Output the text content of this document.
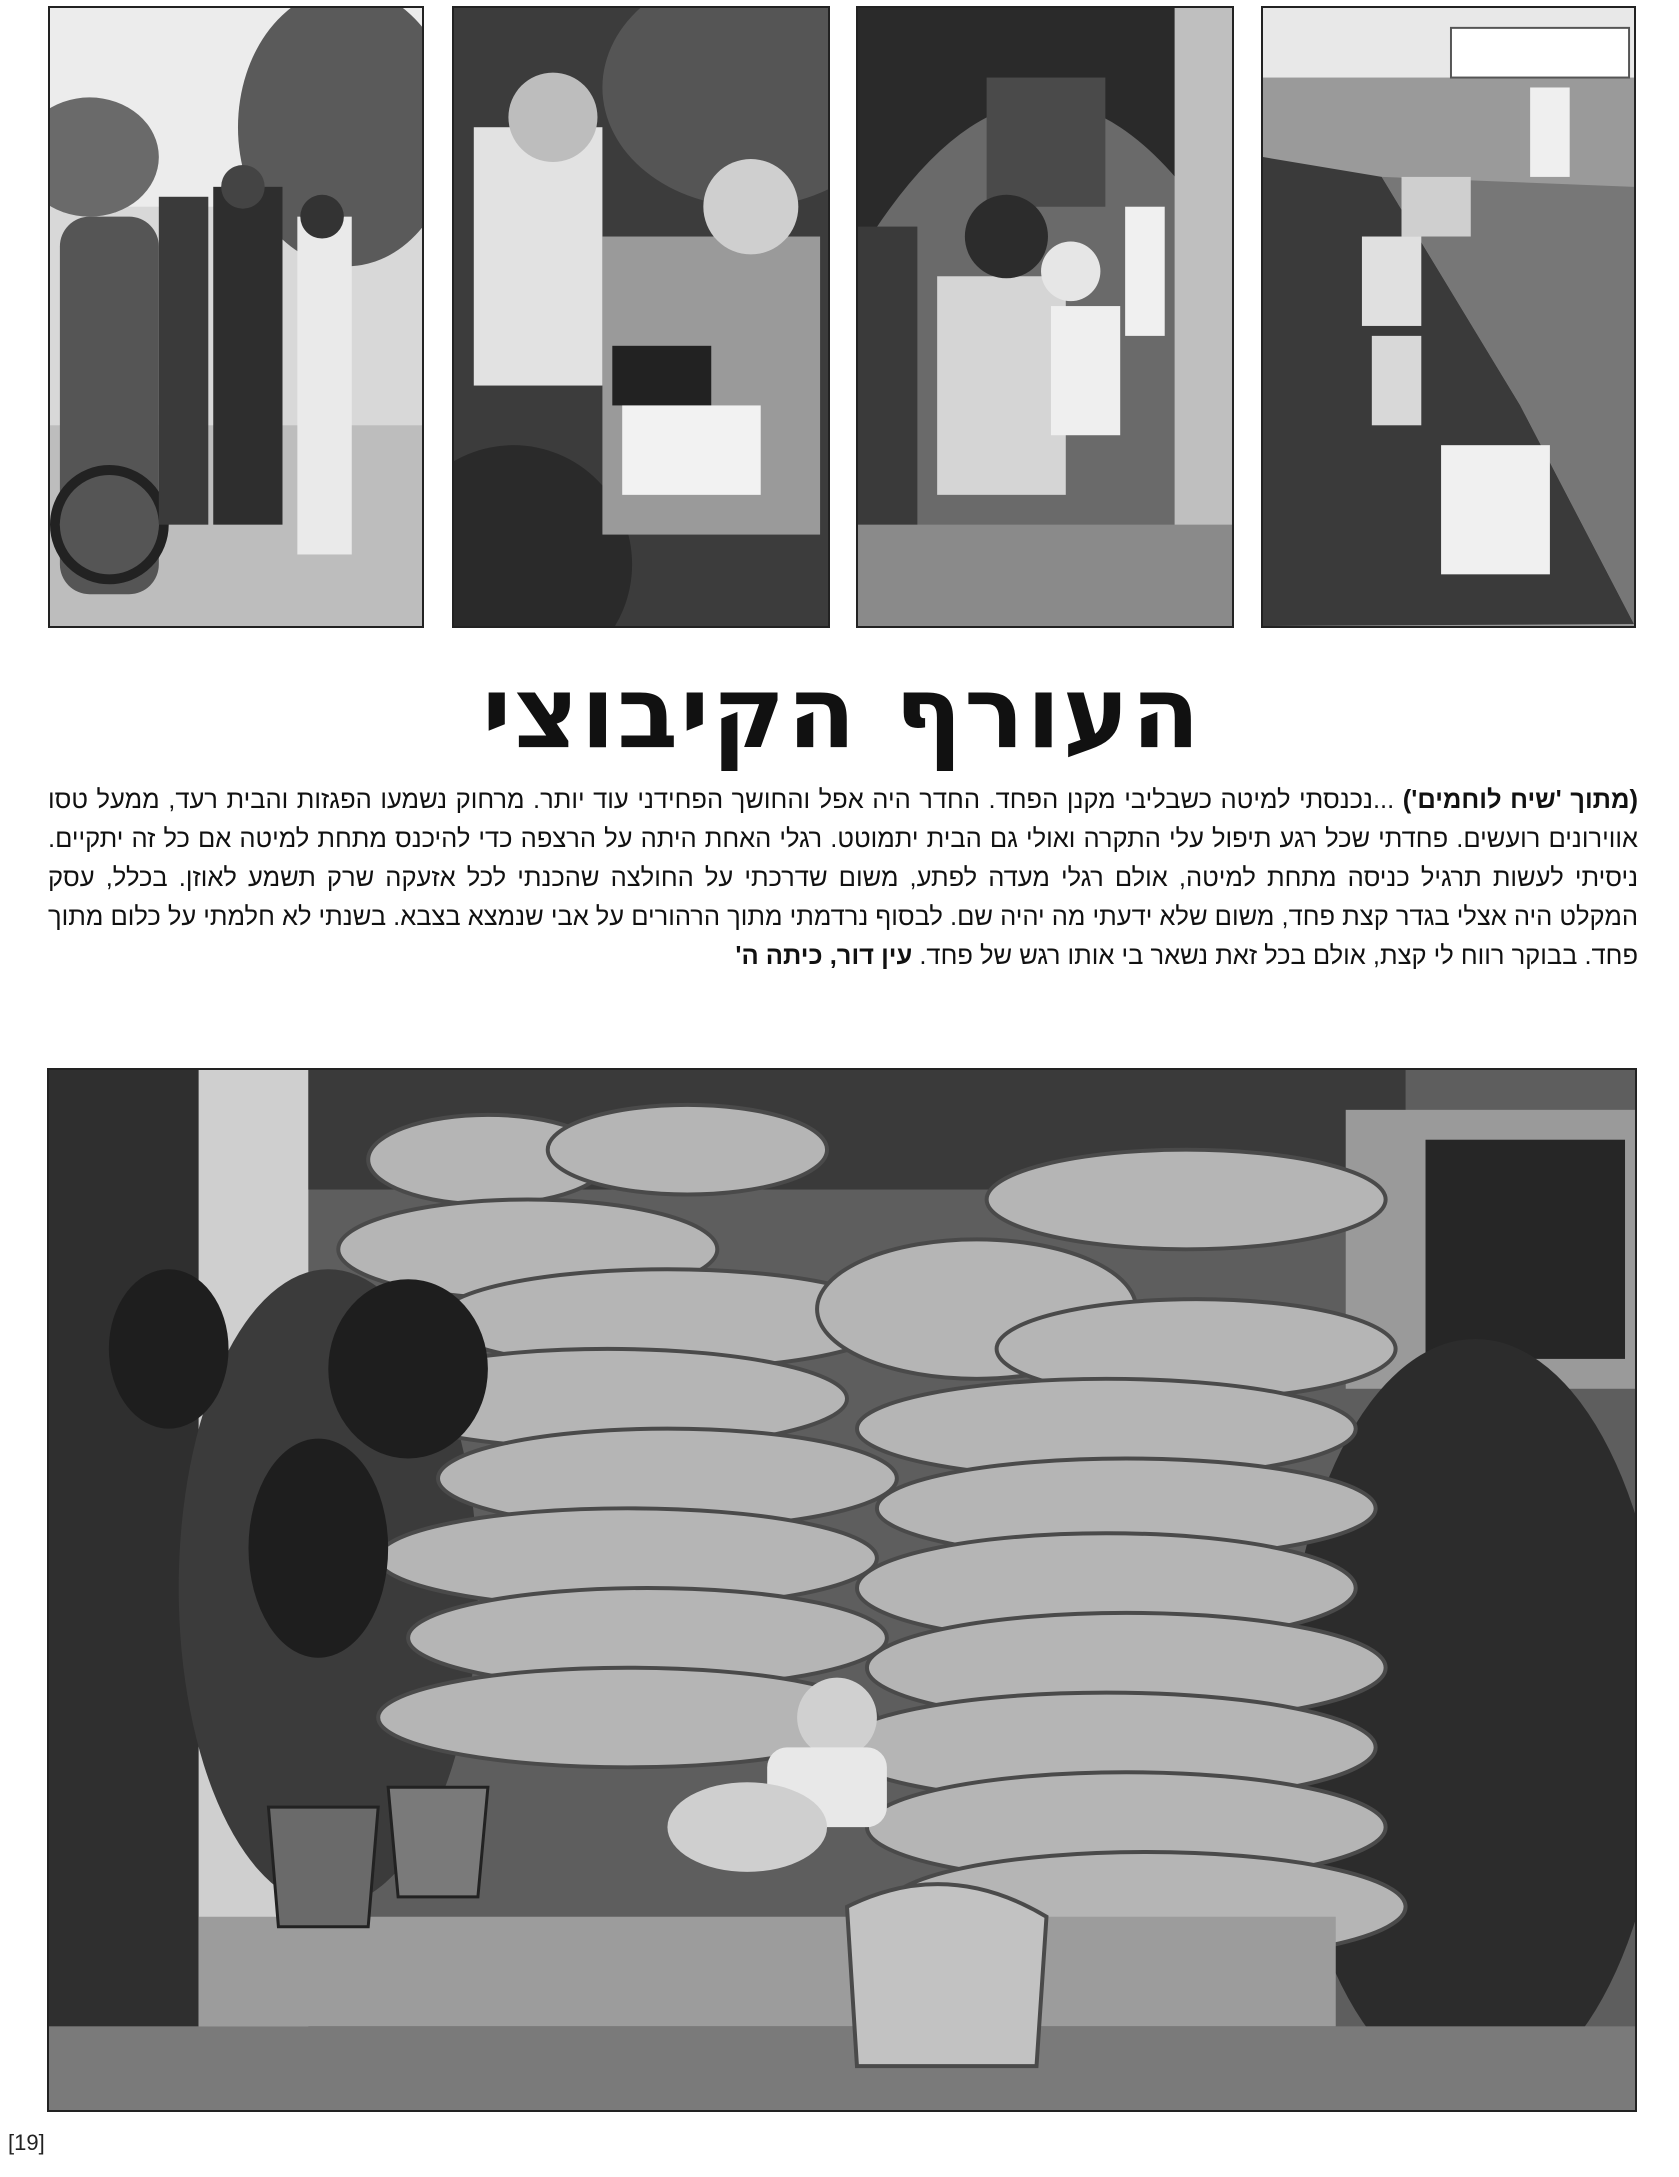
העורף הקיבוצי
(מתוך 'שיח לוחמים') ...נכנסתי למיטה כשבליבי מקנן הפחד. החדר היה אפל והחושך הפחידני עוד יותר. מרחוק נשמעו הפגזות והבית רעד, ממעל טסו אווירונים רועשים. פחדתי שכל רגע תיפול עלי התקרה ואולי גם הבית יתמוטט. רגלי האחת היתה על הרצפה כדי להיכנס מתחת למיטה אם כל זה יתקיים. ניסיתי לעשות תרגיל כניסה מתחת למיטה, אולם רגלי מעדה לפתע, משום שדרכתי על החולצה שהכנתי לכל אזעקה שרק תשמע לאוזן. בכלל, עסק המקלט היה אצלי בגדר קצת פחד, משום שלא ידעתי מה יהיה שם. לבסוף נרדמתי מתוך הרהורים על אבי שנמצא בצבא. בשנתי לא חלמתי על כלום מתוך פחד. בבוקר רווח לי קצת, אולם בכל זאת נשאר בי אותו רגש של פחד. עין דור, כיתה ה'
[19]
